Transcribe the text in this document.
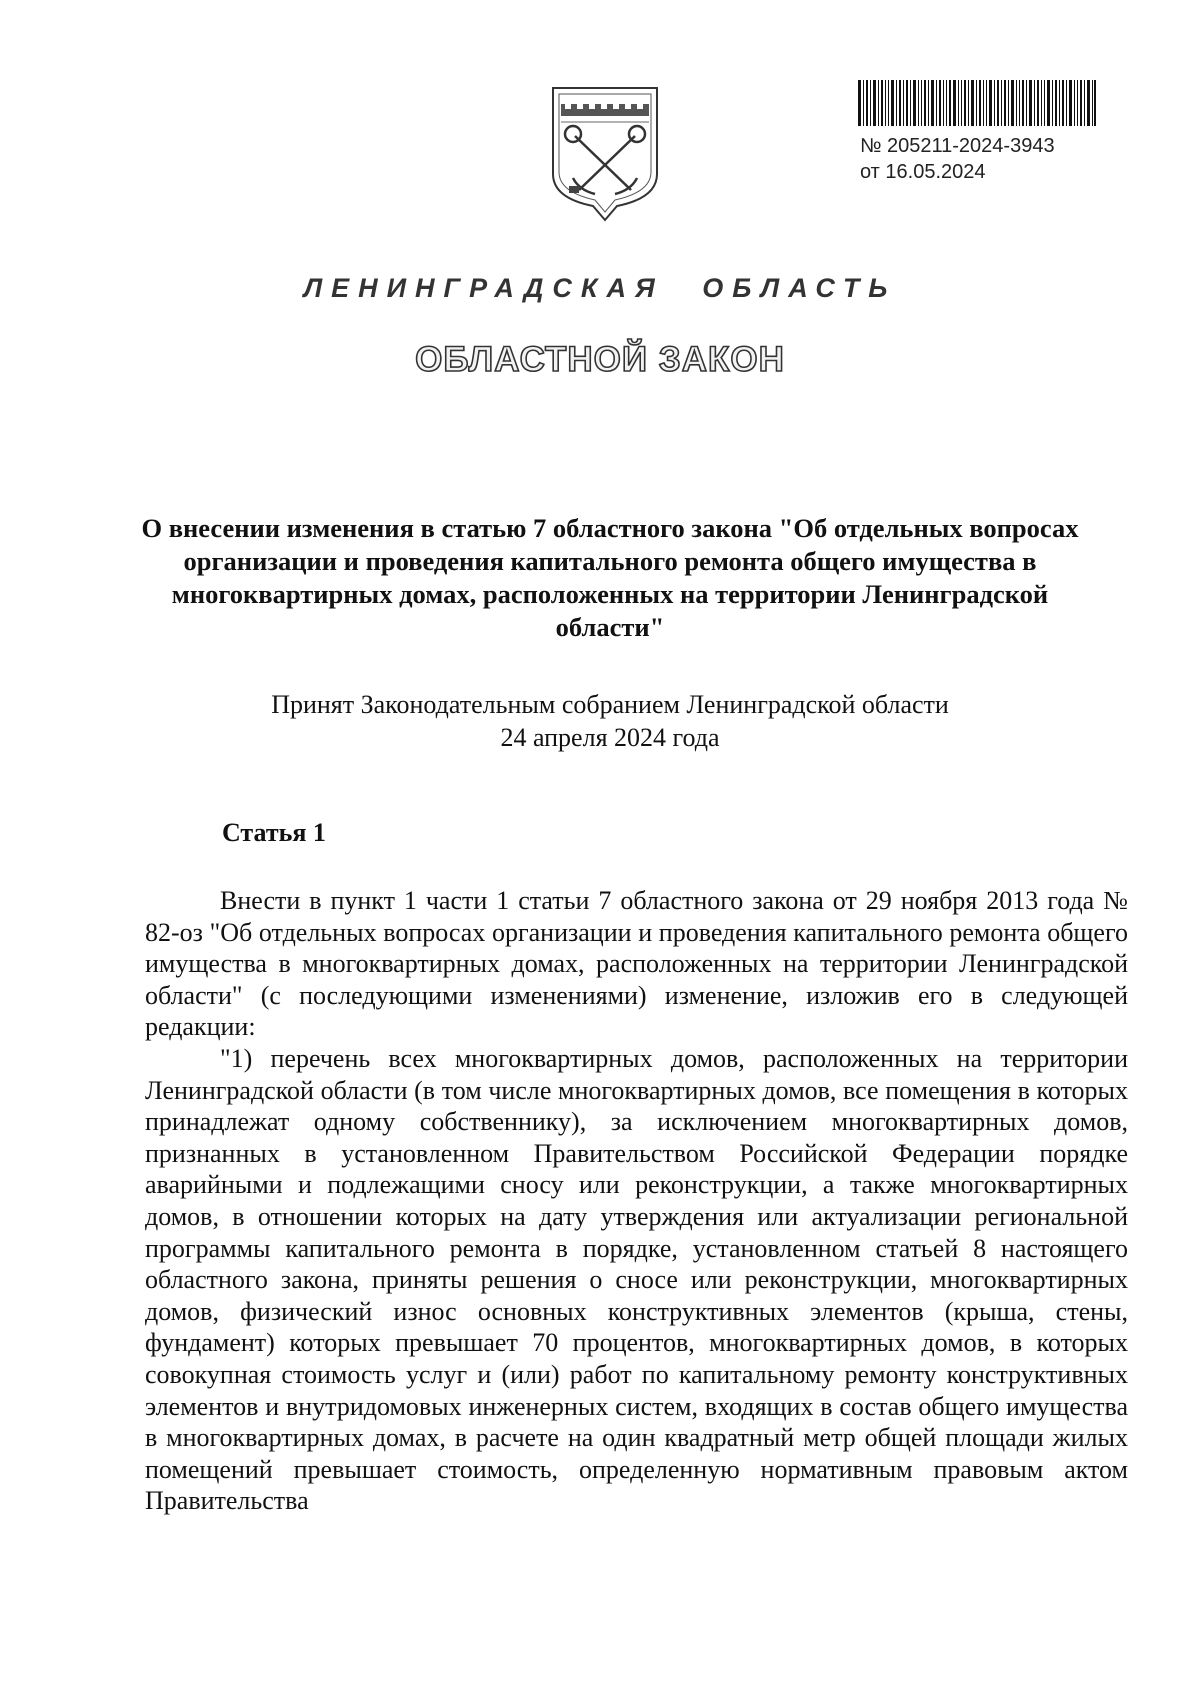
№ 205211-2024-3943
от 16.05.2024
ЛЕНИНГРАДСКАЯ ОБЛАСТЬ
ОБЛАСТНОЙ ЗАКОН
О внесении изменения в статью 7 областного закона "Об отдельных вопросах организации и проведения капитального ремонта общего имущества в многоквартирных домах, расположенных на территории Ленинградской области"
Принят Законодательным собранием Ленинградской области
24 апреля 2024 года
Статья 1

Внести в пункт 1 части 1 статьи 7 областного закона от 29 ноября 2013 года № 82-оз "Об отдельных вопросах организации и проведения капитального ремонта общего имущества в многоквартирных домах, расположенных на территории Ленинградской области" (с последующими изменениями) изменение, изложив его в следующей редакции:

"1) перечень всех многоквартирных домов, расположенных на территории Ленинградской области (в том числе многоквартирных домов, все помещения в которых принадлежат одному собственнику), за исключением многоквартирных домов, признанных в установленном Правительством Российской Федерации порядке аварийными и подлежащими сносу или реконструкции, а также многоквартирных домов, в отношении которых на дату утверждения или актуализации региональной программы капитального ремонта в порядке, установленном статьей 8 настоящего областного закона, приняты решения о сносе или реконструкции, многоквартирных домов, физический износ основных конструктивных элементов (крыша, стены, фундамент) которых превышает 70 процентов, многоквартирных домов, в которых совокупная стоимость услуг и (или) работ по капитальному ремонту конструктивных элементов и внутридомовых инженерных систем, входящих в состав общего имущества в многоквартирных домах, в расчете на один квадратный метр общей площади жилых помещений превышает стоимость, определенную нормативным правовым актом Правительства
